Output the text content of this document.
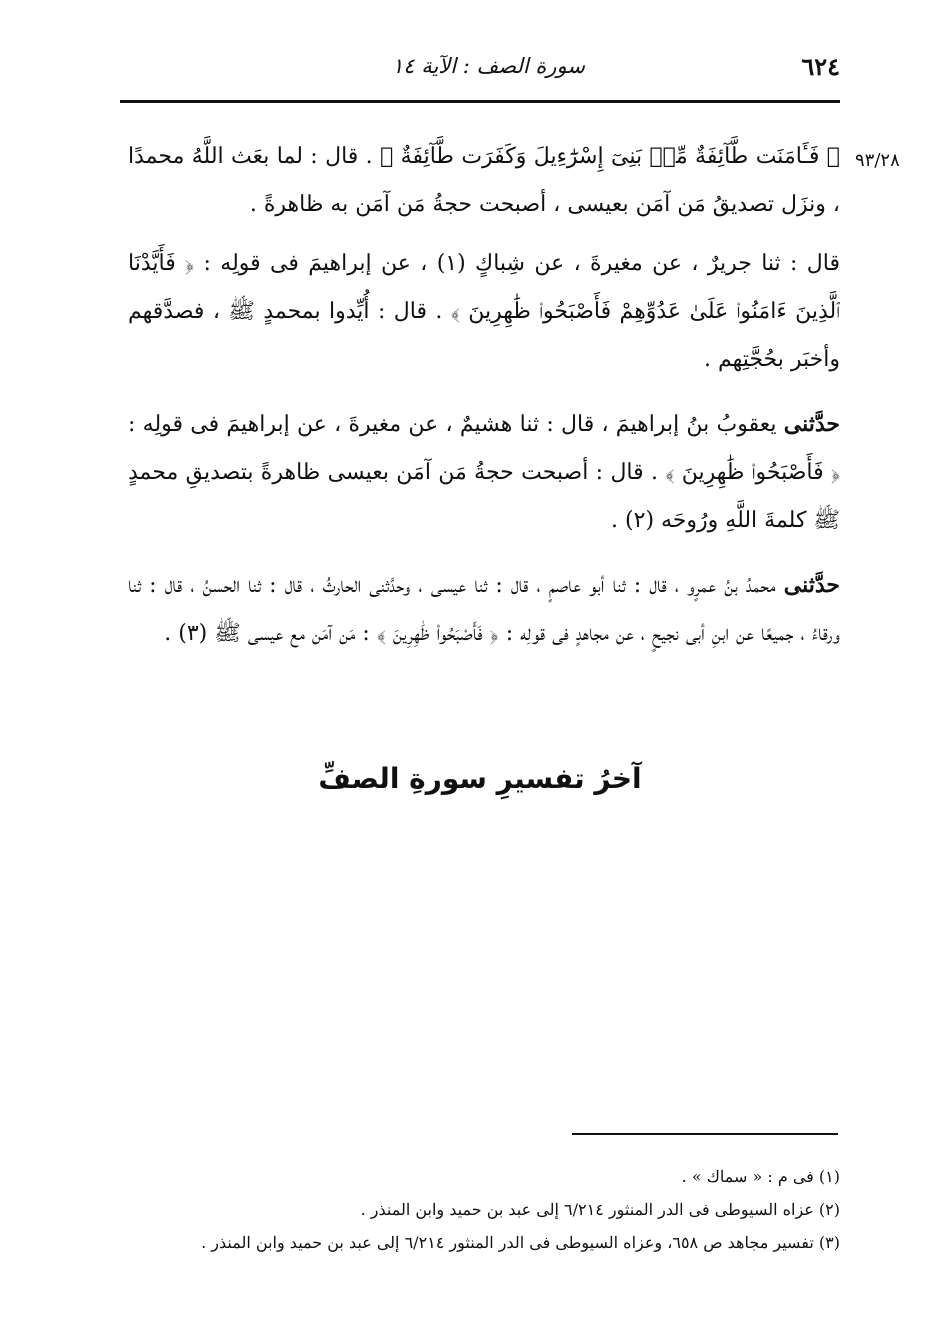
٦٢٤
سورة الصف : الآية ١٤
٩٣/٢٨

﴿ فَـَٔامَنَت طَّآئِفَةٌ مِّنۢ بَنِىٓ إِسْرَٰٓءِيلَ وَكَفَرَت طَّآئِفَةٌ ﴾ . قال : لما بعَث اللَّهُ محمدًا ، ونزَل تصديقُ مَن آمَن بعيسى ، أصبحت حجةُ مَن آمَن به ظاهرةً .

قال : ثنا جريرٌ ، عن مغيرةَ ، عن شِباكٍ (١) ، عن إبراهيمَ فى قولِه : ﴿ فَأَيَّدْنَا ٱلَّذِينَ ءَامَنُوا۟ عَلَىٰ عَدُوِّهِمْ فَأَصْبَحُوا۟ ظَٰهِرِينَ ﴾ . قال : أُيِّدوا بمحمدٍ ﷺ ، فصدَّقهم وأخبَر بحُجَّتِهم .

حدَّثنى يعقوبُ بنُ إبراهيمَ ، قال : ثنا هشيمٌ ، عن مغيرةَ ، عن إبراهيمَ فى قولِه : ﴿ فَأَصْبَحُوا۟ ظَٰهِرِينَ ﴾ . قال : أصبحت حجةُ مَن آمَن بعيسى ظاهرةً بتصديقِ محمدٍ ﷺ كلمةَ اللَّهِ ورُوحَه (٢) .

حدَّثنى محمدُ بنُ عمرٍو ، قال : ثنا أبو عاصمٍ ، قال : ثنا عيسى ، وحدَّثنى الحارثُ ، قال : ثنا الحسنُ ، قال : ثنا ورقاءُ ، جميعًا عن ابنِ أبى نجيحٍ ، عن مجاهدٍ فى قولِه : ﴿ فَأَصْبَحُوا۟ ظَٰهِرِينَ ﴾ : مَن آمَن مع عيسى ﷺ (٣) .

آخرُ تفسيرِ سورةِ الصفِّ
(١) فى م : « سماك » .
(٢) عزاه السيوطى فى الدر المنثور ٦/٢١٤ إلى عبد بن حميد وابن المنذر .
(٣) تفسير مجاهد ص ٦٥٨، وعزاه السيوطى فى الدر المنثور ٦/٢١٤ إلى عبد بن حميد وابن المنذر .
